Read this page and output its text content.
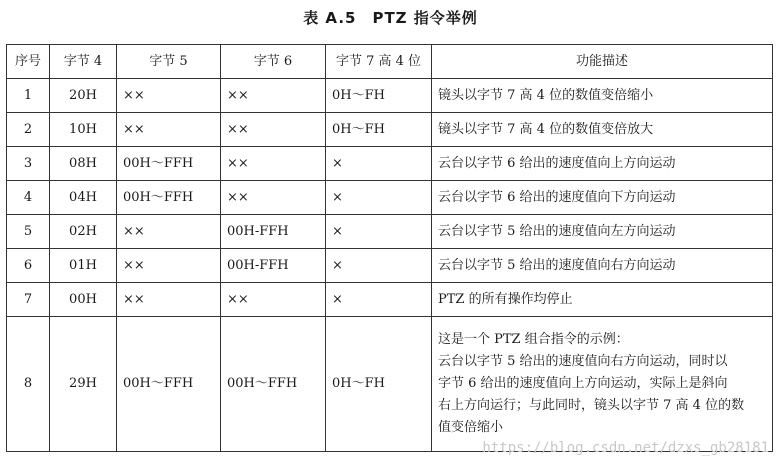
表 A.5　PTZ 指令举例
序号	字节 4	字节 5	字节 6	字节 7 高 4 位	功能描述
1	20H	××	××	0H～FH	镜头以字节 7 高 4 位的数值变倍缩小
2	10H	××	××	0H～FH	镜头以字节 7 高 4 位的数值变倍放大
3	08H	00H～FFH	××	×	云台以字节 6 给出的速度值向上方向运动
4	04H	00H～FFH	××	×	云台以字节 6 给出的速度值向下方向运动
5	02H	××	00H-FFH	×	云台以字节 5 给出的速度值向左方向运动
6	01H	××	00H-FFH	×	云台以字节 5 给出的速度值向右方向运动
7	00H	××	××	×	PTZ 的所有操作均停止
8	29H	00H～FFH	00H～FFH	0H～FH	这是一个 PTZ 组合指令的示例：
云台以字节 5 给出的速度值向右方向运动，同时以
字节 6 给出的速度值向上方向运动，实际上是斜向
右上方向运行；与此同时，镜头以字节 7 高 4 位的数
值变倍缩小
https://blog.csdn.net/dzxs_gb28181
